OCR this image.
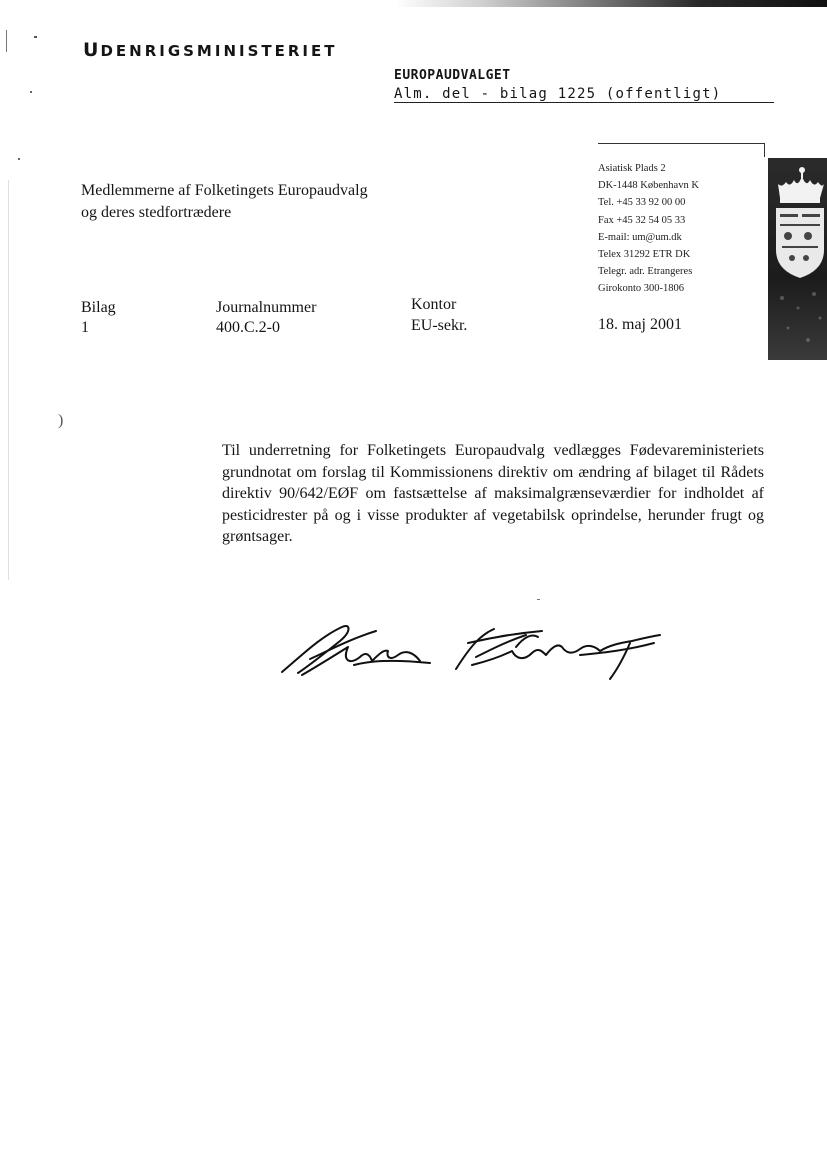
)
UDENRIGSMINISTERIET
EUROPAUDVALGET
Alm. del - bilag 1225 (offentligt)
Asiatisk Plads 2
DK-1448 København K
Tel. +45 33 92 00 00
Fax +45 32 54 05 33
E-mail: um@um.dk
Telex 31292 ETR DK
Telegr. adr. Etrangeres
Girokonto 300-1806
Medlemmerne af Folketingets Europaudvalg
og deres stedfortrædere
Bilag
1
Journalnummer
400.C.2-0
Kontor
EU-sekr.	18. maj 2001
Til underretning for Folketingets Europaudvalg vedlægges Fødevareministeriets grundnotat om forslag til Kommissionens direktiv om ændring af bilaget til Rådets direktiv 90/642/EØF om fastsættelse af maksimalgrænseværdier for indholdet af pesticidrester på og i visse produkter af vegetabilsk oprindelse, herunder frugt og grøntsager.
